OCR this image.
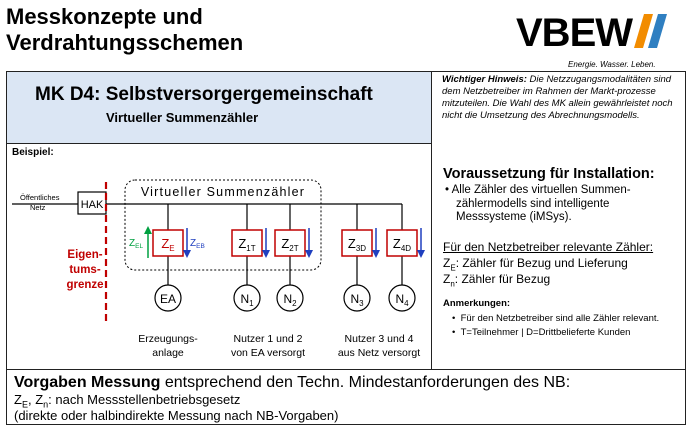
Messkonzepte und
Verdrahtungsschemen	VBEW
Energie. Wasser. Leben.
MK D4: Selbstversorgergemeinschaft
Virtueller Summenzähler
Wichtiger Hinweis: Die Netzzugangsmodalitäten sind dem Netzbetreiber im Rahmen der Markt-prozesse mitzuteilen. Die Wahl des MK allein gewährleistet noch nicht die Umsetzung des Abrechnungsmodells.
Beispiel:
Öffentliches
Netz	HAK
Virtueller Summenzähler
Eigen-
tums-
grenze
$Z_E$	$Z_{1T}$ $Z_{2T}$	$Z_{3D}$ $Z_{4D}$
$Z_{EL}$	$Z_{EB}$
EA	$N_1$ $N_2$	$N_3$	$N_4$
Erzeugungs-
anlage
Nutzer 1 und 2
von EA versorgt
Nutzer 3 und 4
aus Netz versorgt
Voraussetzung für Installation:
• Alle Zähler des virtuellen Summen-
zählermodells sind intelligente
Messsysteme (iMSys).
Für den Netzbetreiber relevante Zähler:
$Z_E$: Zähler für Bezug und Lieferung
$Z_n$: Zähler für Bezug
Anmerkungen:
•  Für den Netzbetreiber sind alle Zähler relevant.
•  T=Teilnehmer | D=Drittbelieferte Kunden
Vorgaben Messung entsprechend den Techn. Mindestanforderungen des NB:
$Z_E$, $Z_n$: nach Messstellenbetriebsgesetz
(direkte oder halbindirekte Messung nach NB-Vorgaben)
